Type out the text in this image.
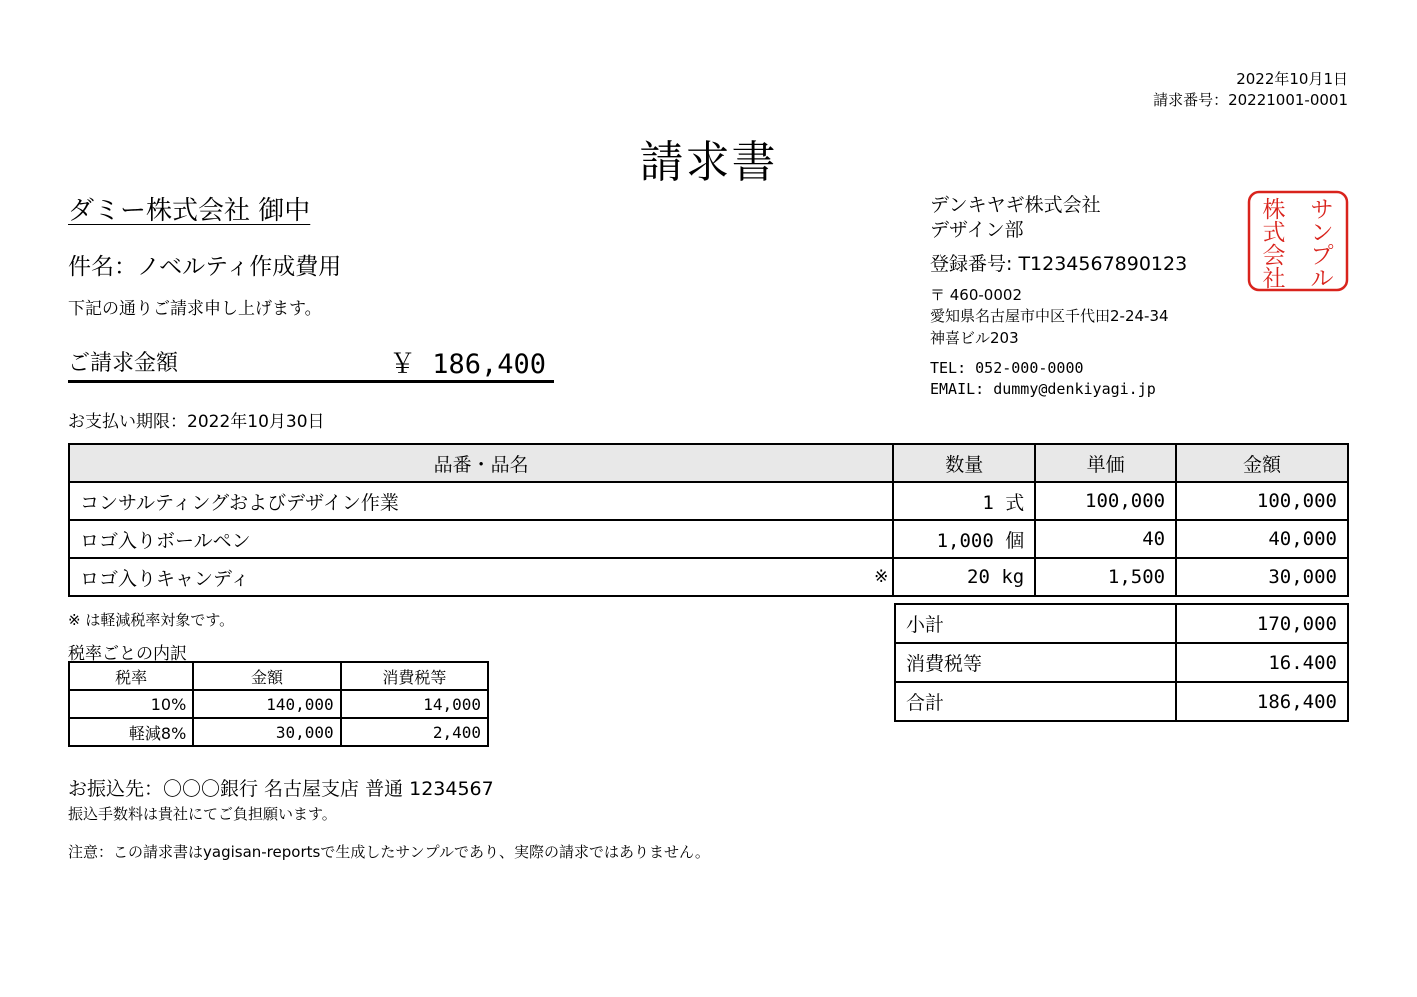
2022年10月1日
請求番号：20221001-0001
請求書
ダミー株式会社 御中
件名：ノベルティ作成費用
下記の通りご請求申し上げます。
ご請求金額	￥ 186,400
お支払い期限：2022年10月30日
デンキヤギ株式会社
デザイン部
登録番号: T1234567890123
〒 460-0002
愛知県名古屋市中区千代田2-24-34
神喜ビル203
TEL: 052-000-0000
EMAIL: dummy@denkiyagi.jp
サ
ン
プ
ル
株
式
会
社
品番・品名	数量	単価	金額
コンサルティングおよびデザイン作業	1 式	100,000	100,000
ロゴ入りボールペン	1,000 個	40	40,000
ロゴ入りキャンディ ※	20 kg	1,500	30,000
※ は軽減税率対象です。
税率ごとの内訳
税率	金額	消費税等
10%	140,000	14,000
軽減8%	30,000	2,400
小計	170,000
消費税等	16.400
合計	186,400
お振込先：〇〇〇銀行 名古屋支店 普通 1234567
振込手数料は貴社にてご負担願います。
注意：この請求書はyagisan-reportsで生成したサンプルであり、実際の請求ではありません。
